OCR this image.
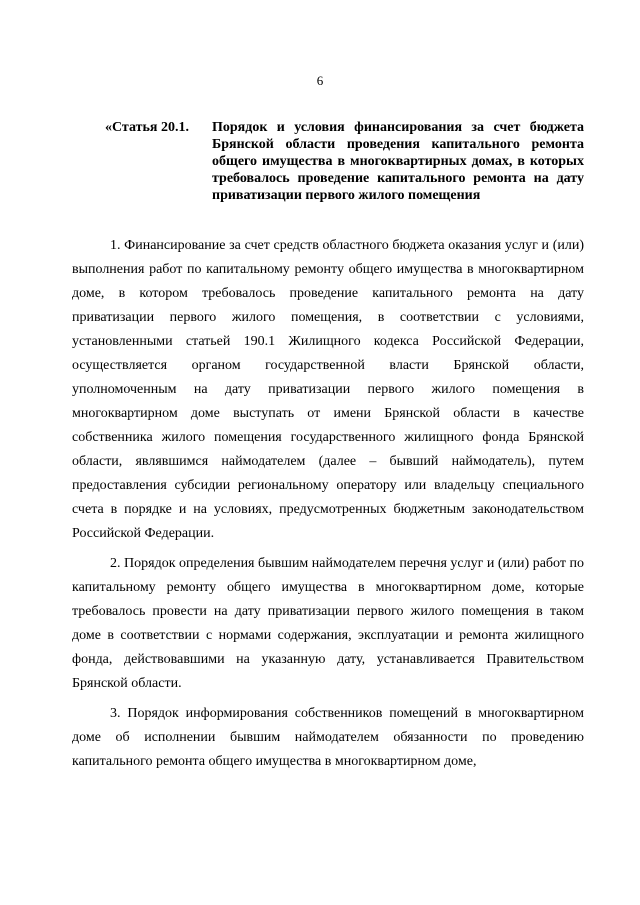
6
«Статья 20.1. Порядок и условия финансирования за счет бюджета Брянской области проведения капитального ремонта общего имущества в многоквартирных домах, в которых требовалось проведение капитального ремонта на дату приватизации первого жилого помещения

1. Финансирование за счет средств областного бюджета оказания услуг и (или) выполнения работ по капитальному ремонту общего имущества в многоквартирном доме, в котором требовалось проведение капитального ремонта на дату приватизации первого жилого помещения, в соответствии с условиями, установленными статьей 190.1 Жилищного кодекса Российской Федерации, осуществляется органом государственной власти Брянской области, уполномоченным на дату приватизации первого жилого помещения в многоквартирном доме выступать от имени Брянской области в качестве собственника жилого помещения государственного жилищного фонда Брянской области, являвшимся наймодателем (далее – бывший наймодатель), путем предоставления субсидии региональному оператору или владельцу специального счета в порядке и на условиях, предусмотренных бюджетным законодательством Российской Федерации.

2. Порядок определения бывшим наймодателем перечня услуг и (или) работ по капитальному ремонту общего имущества в многоквартирном доме, которые требовалось провести на дату приватизации первого жилого помещения в таком доме в соответствии с нормами содержания, эксплуатации и ремонта жилищного фонда, действовавшими на указанную дату, устанавливается Правительством Брянской области.

3. Порядок информирования собственников помещений в многоквартирном доме об исполнении бывшим наймодателем обязанности по проведению капитального ремонта общего имущества в многоквартирном доме,
